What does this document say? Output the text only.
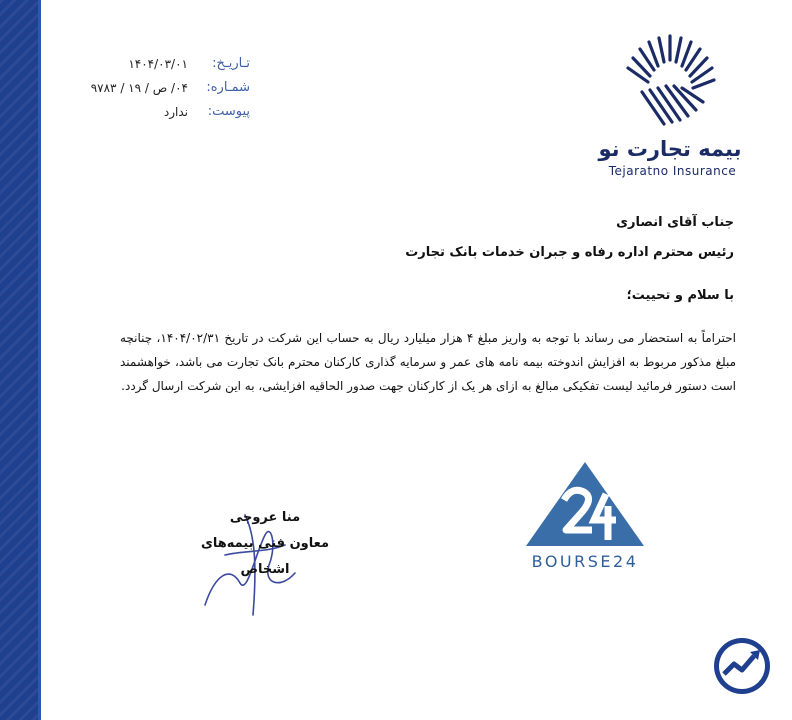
تـاریـخ:
۱۴۰۴/۰۳/۰۱
شمـاره:
۰۴/ ص / ۱۹ / ۹۷۸۳
پیوست:
ندارد
بیمه تجارت نو
Tejaratno Insurance
جناب آقای انصاری
رئیس محترم اداره رفاه و جبران خدمات بانک تجارت
با سلام و تحییت؛
احتراماً به استحضار می رساند با توجه به واریز مبلغ ۴ هزار میلیارد ریال به حساب این شرکت در تاریخ ۱۴۰۴/۰۲/۳۱، چنانچه مبلغ مذکور مربوط به افزایش اندوخته بیمه نامه های عمر و سرمایه گذاری کارکنان محترم بانک تجارت می باشد، خواهشمند است دستور فرمائید لیست تفکیکی مبالغ به ازای هر یک از کارکنان جهت صدور الحاقیه افزایشی، به این شرکت ارسال گردد.
BOURSE24
منا عروجی
معاون فنی بیمه‌های اشخاص
